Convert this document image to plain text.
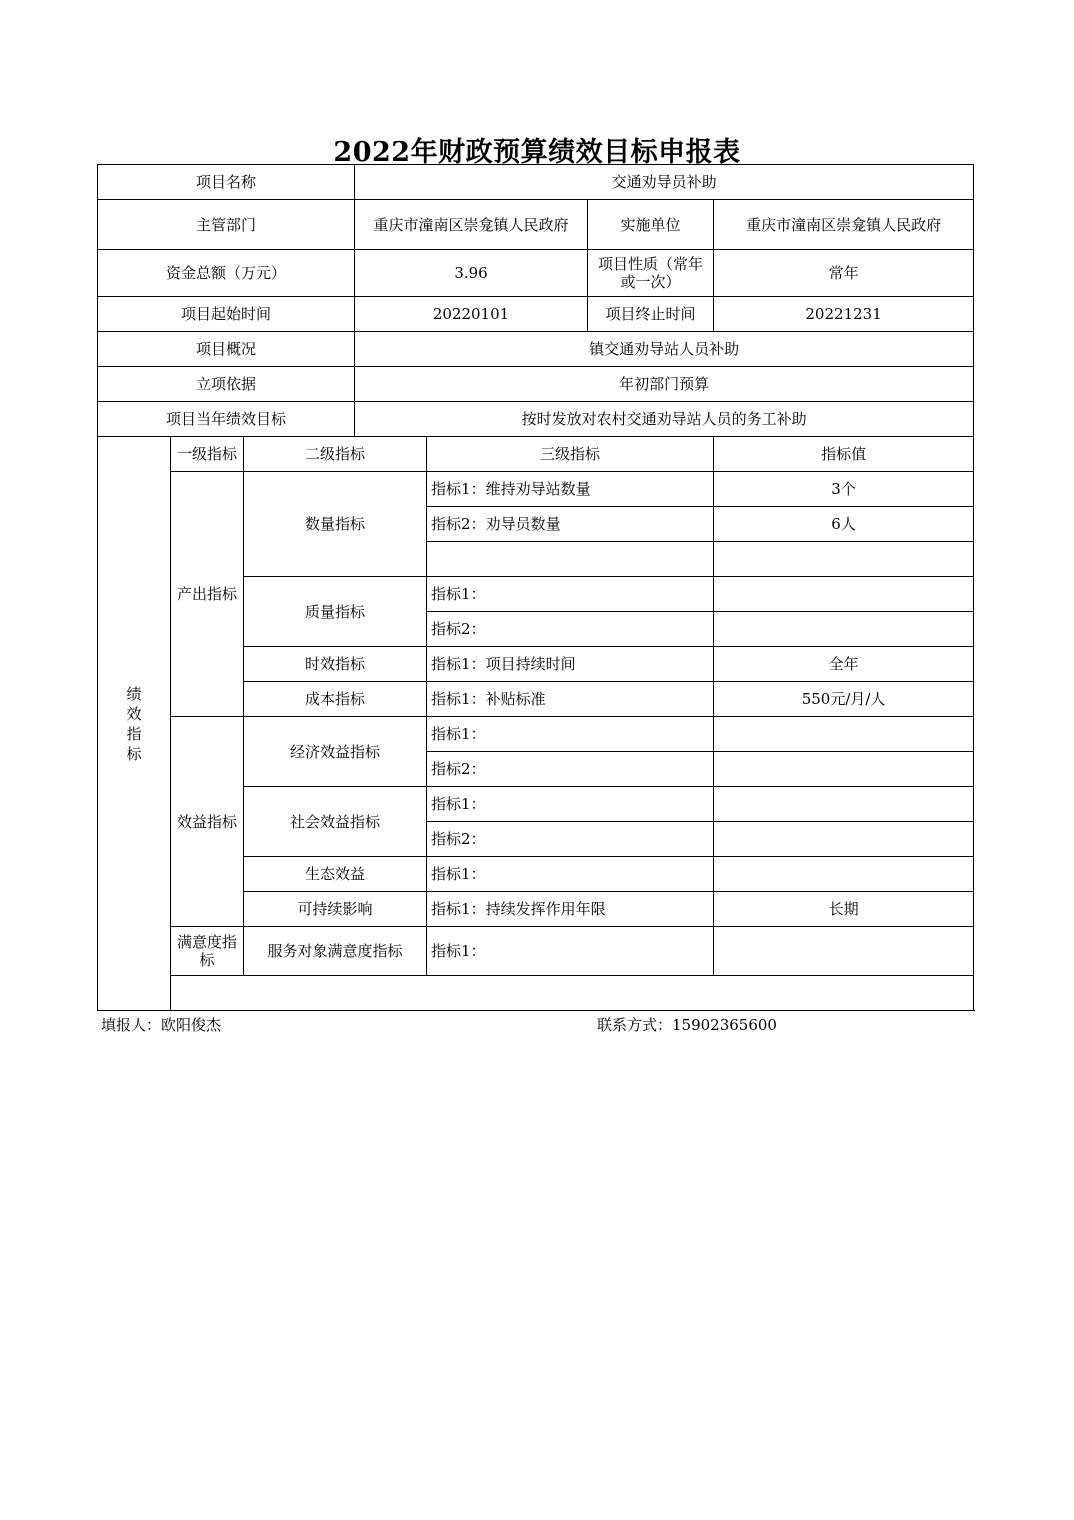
2022年财政预算绩效目标申报表
项目名称			交通劝导员补助			
主管部门			重庆市潼南区崇龛镇人民政府		实施单位	重庆市潼南区崇龛镇人民政府
资金总额（万元）			3.96		项目性质（常年或一次）	常年
项目起始时间			20220101		项目终止时间	20221231
项目概况			镇交通劝导站人员补助			
立项依据			年初部门预算			
项目当年绩效目标			按时发放对农村交通劝导站人员的务工补助			
绩效指标	一级指标	二级指标		三级指标		指标值
	产出指标	数量指标		指标1：维持劝导站数量		3个
				指标2：劝导员数量		6人

		质量指标		指标1：		
				指标2：		
		时效指标		指标1：项目持续时间		全年
		成本指标		指标1：补贴标准		550元/月/人
	效益指标	经济效益指标		指标1：		
				指标2：		
		社会效益指标		指标1：		
				指标2：		
		生态效益		指标1：		
		可持续影响		指标1：持续发挥作用年限		长期
	满意度指标	服务对象满意度指标		指标1：		

填报人：欧阳俊杰	联系方式：15902365600
